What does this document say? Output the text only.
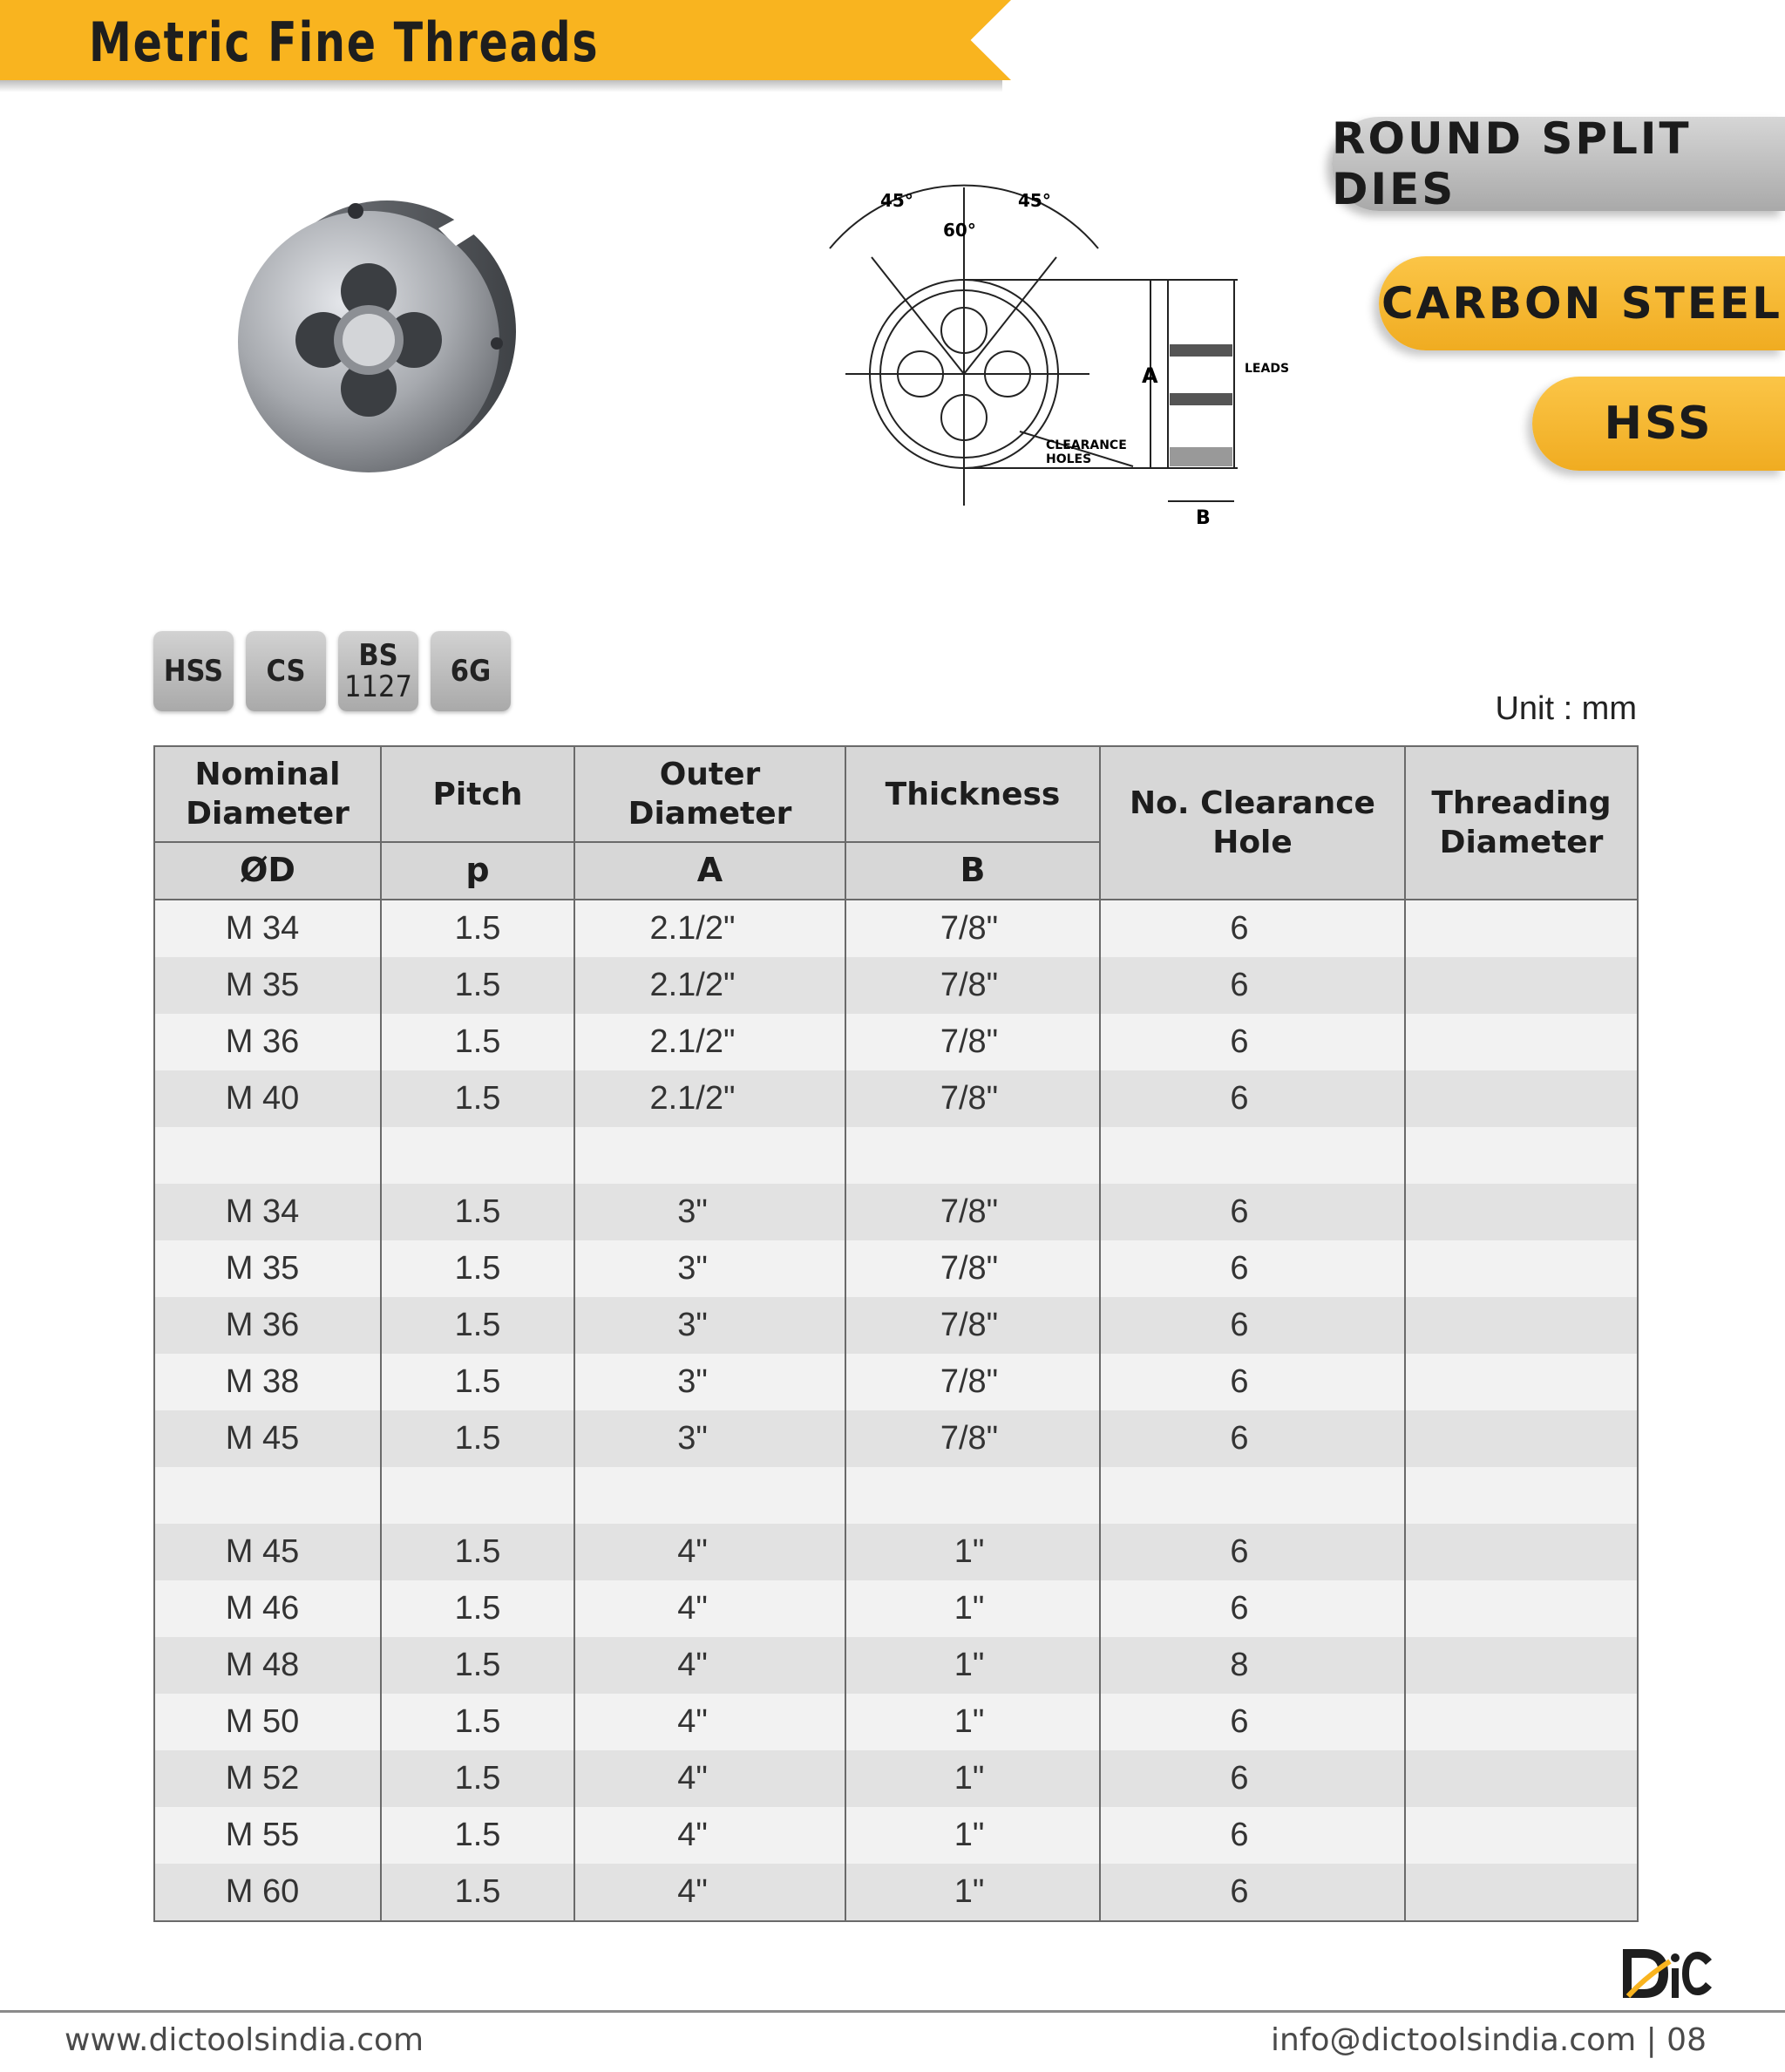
Metric Fine Threads
ROUND SPLIT DIES
CARBON STEEL
HSS
45°	45°
60°
A
B
LEADS
CLEARANCE
HOLES
HSS CS BS
1127 6G
Unit : mm
Nominal Diameter	Pitch	Outer Diameter	Thickness	No. Clearance Hole	Threading Diameter
ØD	p	A	B		
M 34	1.5	2.1/2"	7/8"	6	
M 35	1.5	2.1/2"	7/8"	6	
M 36	1.5	2.1/2"	7/8"	6	
M 40	1.5	2.1/2"	7/8"	6	

M 34	1.5	3"	7/8"	6	
M 35	1.5	3"	7/8"	6	
M 36	1.5	3"	7/8"	6	
M 38	1.5	3"	7/8"	6	
M 45	1.5	3"	7/8"	6	

M 45	1.5	4"	1"	6	
M 46	1.5	4"	1"	6	
M 48	1.5	4"	1"	8	
M 50	1.5	4"	1"	6	
M 52	1.5	4"	1"	6	
M 55	1.5	4"	1"	6	
M 60	1.5	4"	1"	6	
www.dictoolsindia.com	info@dictoolsindia.com | 08
